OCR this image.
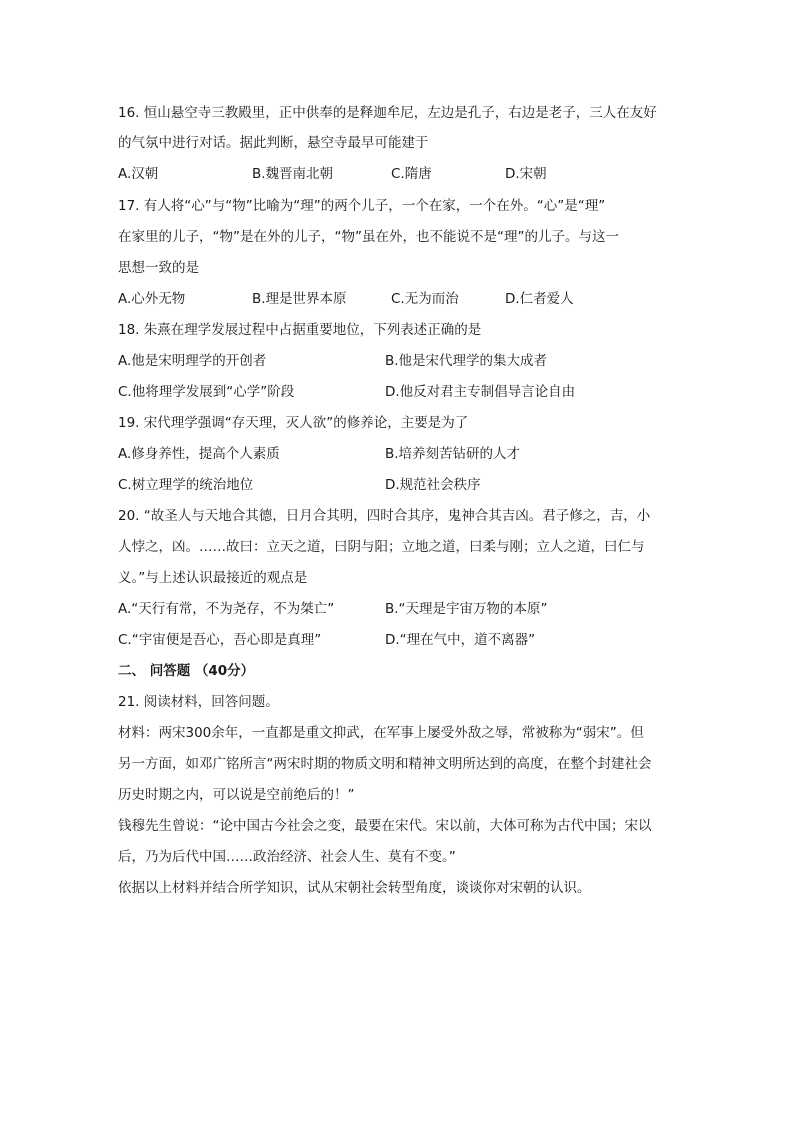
16. 恒山悬空寺三教殿里，正中供奉的是释迦牟尼，左边是孔子，右边是老子，三人在友好
的气氛中进行对话。据此判断，悬空寺最早可能建于
A.汉朝	B.魏晋南北朝	C.隋唐	D.宋朝
17. 有人将“心”与“物”比喻为“理”的两个儿子，一个在家，一个在外。“心”是“理”
在家里的儿子，“物”是在外的儿子，“物”虽在外，也不能说不是“理”的儿子。与这一
思想一致的是
A.心外无物	B.理是世界本原	C.无为而治	D.仁者爱人
18. 朱熹在理学发展过程中占据重要地位，下列表述正确的是
A.他是宋明理学的开创者	B.他是宋代理学的集大成者
C.他将理学发展到“心学”阶段	D.他反对君主专制倡导言论自由
19. 宋代理学强调“存天理，灭人欲”的修养论，主要是为了
A.修身养性，提高个人素质	B.培养刻苦钻研的人才
C.树立理学的统治地位	D.规范社会秩序
20. “故圣人与天地合其德，日月合其明，四时合其序，鬼神合其吉凶。君子修之，吉，小
人悖之，凶。……故曰：立天之道，曰阴与阳；立地之道，曰柔与刚；立人之道，曰仁与
义。”与上述认识最接近的观点是
A.“天行有常，不为尧存，不为桀亡”	B.“天理是宇宙万物的本原”
C.“宇宙便是吾心，吾心即是真理”	D.“理在气中，道不离器”
二、 问答题 （40分）
21. 阅读材料，回答问题。
材料：两宋300余年，一直都是重文抑武，在军事上屡受外敌之辱，常被称为“弱宋”。但
另一方面，如邓广铭所言“两宋时期的物质文明和精神文明所达到的高度，在整个封建社会
历史时期之内，可以说是空前绝后的！”
钱穆先生曾说：“论中国古今社会之变，最要在宋代。宋以前，大体可称为古代中国；宋以
后，乃为后代中国……政治经济、社会人生、莫有不变。”
依据以上材料并结合所学知识，试从宋朝社会转型角度，谈谈你对宋朝的认识。
